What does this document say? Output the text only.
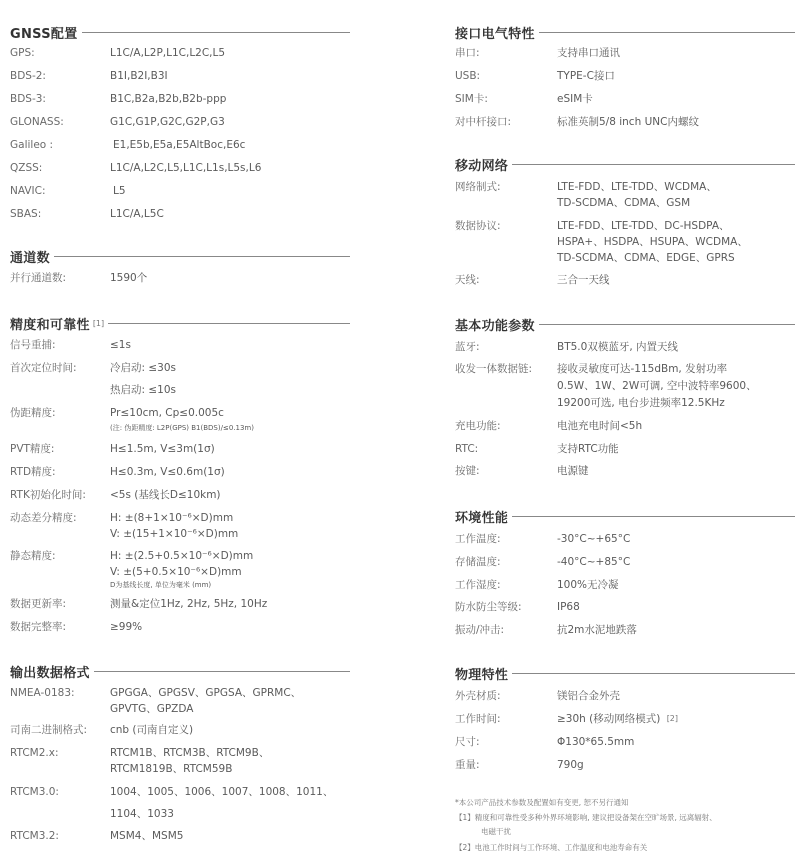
GNSS配置
GPS:	L1C/A,L2P,L1C,L2C,L5
BDS-2:	B1I,B2I,B3I
BDS-3:	B1C,B2a,B2b,B2b-ppp
GLONASS:	G1C,G1P,G2C,G2P,G3
Galileo :	E1,E5b,E5a,E5AltBoc,E6c
QZSS:	L1C/A,L2C,L5,L1C,L1s,L5s,L6
NAVIC:	L5
SBAS:	L1C/A,L5C
通道数
并行通道数:	1590个
精度和可靠性 [1]
信号重捕:	≤1s
首次定位时间:	冷启动: ≤30s
热启动: ≤10s
伪距精度:	Pr≤10cm, Cp≤0.005c
(注: 伪距精度: L2P(GPS) B1(BDS)/≤0.13m)
PVT精度:	H≤1.5m, V≤3m(1σ)
RTD精度:	H≤0.3m, V≤0.6m(1σ)
RTK初始化时间: <5s (基线长D≤10km)
动态差分精度:	H: ±(8+1×10⁻⁶×D)mm
V: ±(15+1×10⁻⁶×D)mm
静态精度:	H: ±(2.5+0.5×10⁻⁶×D)mm
V: ±(5+0.5×10⁻⁶×D)mm
D为基线长度, 单位为毫米 (mm)
数据更新率:	测量&定位1Hz, 2Hz, 5Hz, 10Hz
数据完整率:	≥99%
输出数据格式
NMEA-0183:	GPGGA、GPGSV、GPGSA、GPRMC、
GPVTG、GPZDA
司南二进制格式: cnb (司南自定义)
RTCM2.x:	RTCM1B、RTCM3B、RTCM9B、
RTCM1819B、RTCM59B
RTCM3.0:	1004、1005、1006、1007、1008、1011、
1104、1033
RTCM3.2:	MSM4、MSM5
接口电气特性
串口:	支持串口通讯
USB:	TYPE-C接口
SIM卡:	eSIM卡
对中杆接口:	标准英制5/8 inch UNC内螺纹
移动网络
网络制式:	LTE-FDD、LTE-TDD、WCDMA、
TD-SCDMA、CDMA、GSM
数据协议:	LTE-FDD、LTE-TDD、DC-HSDPA、
HSPA+、HSDPA、HSUPA、WCDMA、
TD-SCDMA、CDMA、EDGE、GPRS
天线:	三合一天线
基本功能参数
蓝牙:	BT5.0双模蓝牙, 内置天线
收发一体数据链: 接收灵敏度可达-115dBm, 发射功率
0.5W、1W、2W可调, 空中波特率9600、
19200可选, 电台步进频率12.5KHz
充电功能:	电池充电时间<5h
RTC:	支持RTC功能
按键:	电源键
环境性能
工作温度:	-30°C~+65°C
存储温度:	-40°C~+85°C
工作湿度:	100%无冷凝
防水防尘等级:	IP68
振动/冲击:	抗2m水泥地跌落
物理特性
外壳材质:	镁铝合金外壳
工作时间:	≥30h (移动网络模式) [2]
尺寸:	Φ130*65.5mm
重量:	790g
*本公司产品技术参数及配置如有变更, 恕不另行通知
【1】精度和可靠性受多种外界环境影响, 建议把设备架在空旷场景, 远离辐射、
电磁干扰
【2】电池工作时间与工作环境、工作温度和电池寿命有关
